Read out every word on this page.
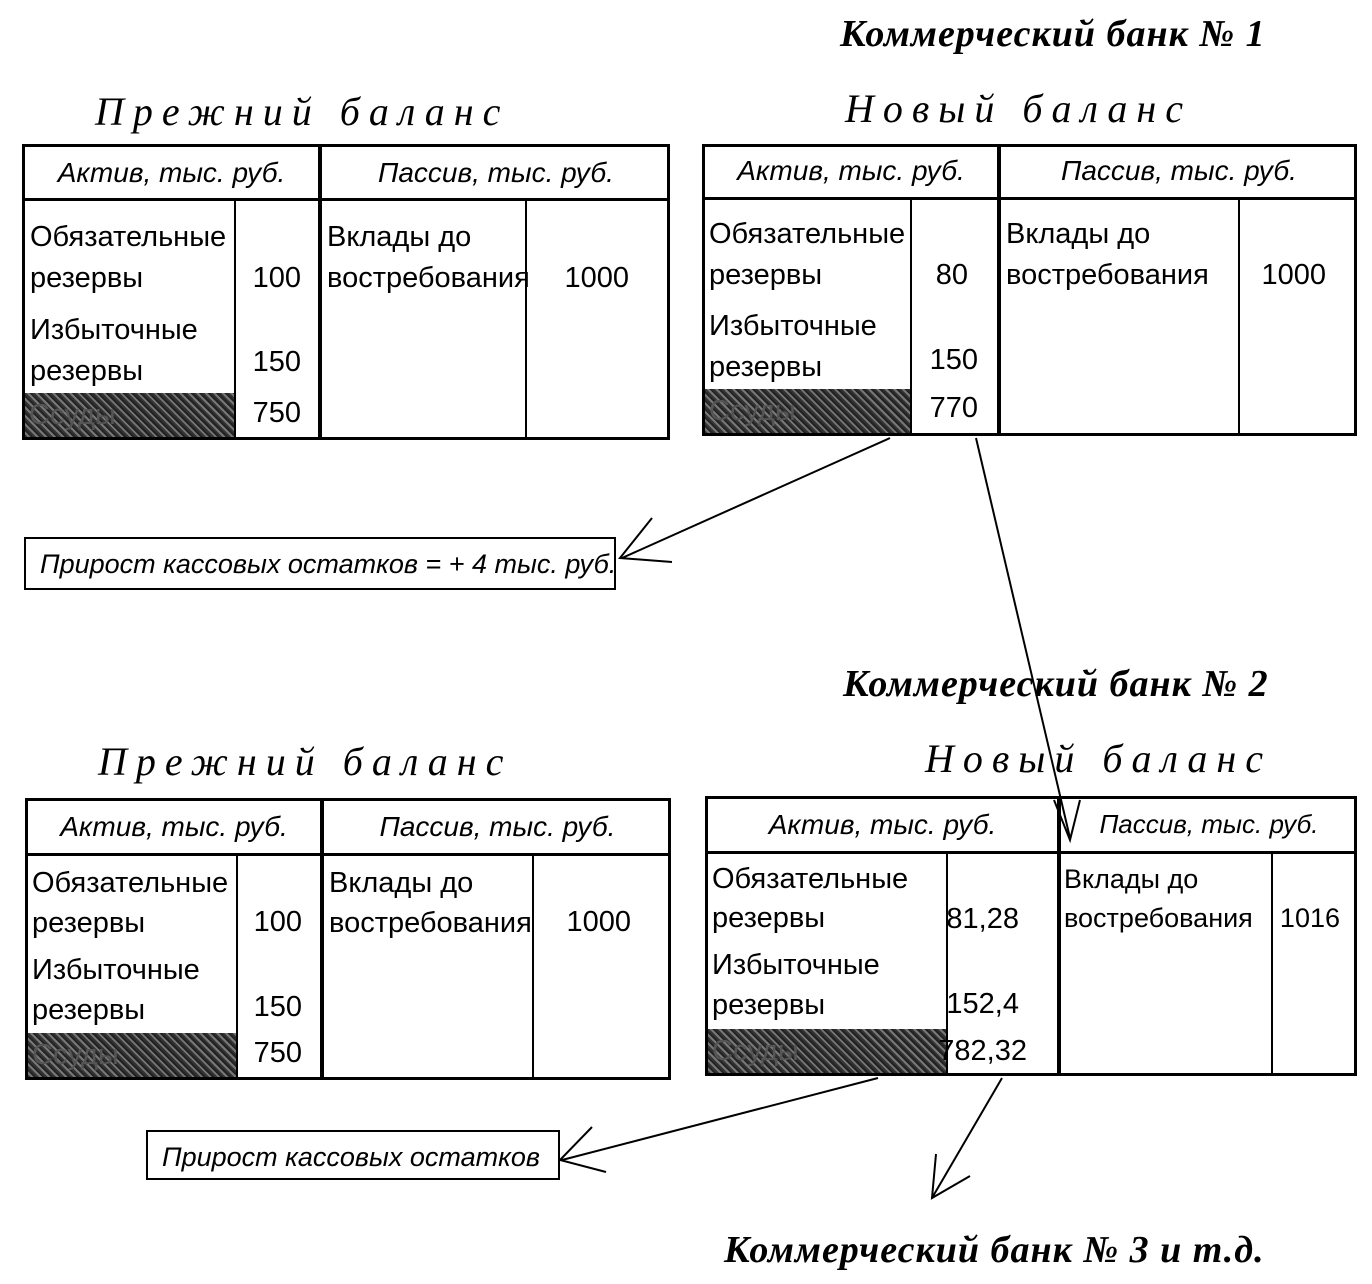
Коммерческий банк № 1
Прежний баланс	Новый баланс
Актив, тыс. руб.	Пассив, тыс. руб.
Обязательные
резервы	100
Избыточные
резервы	150
Ссуды	750
Вклады до
востребования 1000
Актив, тыс. руб.	Пассив, тыс. руб.
Обязательные
резервы	80
Избыточные
резервы	150
Ссуды	770
Вклады до
востребования 1000
Прирост кассовых остатков = + 4 тыс. руб.
Коммерческий банк № 2
Прежний баланс	Новый баланс
Актив, тыс. руб.	Пассив, тыс. руб.
Обязательные
резервы	100
Избыточные
резервы	150
Ссуды	750
Вклады до
востребования 1000
Актив, тыс. руб.	Пассив, тыс. руб.
Обязательные
резервы	81,28
Избыточные
резервы	152,4
Ссуды	782,32
Вклады до
востребования 1016
Прирост кассовых остатков
Коммерческий банк № 3 и т.д.
